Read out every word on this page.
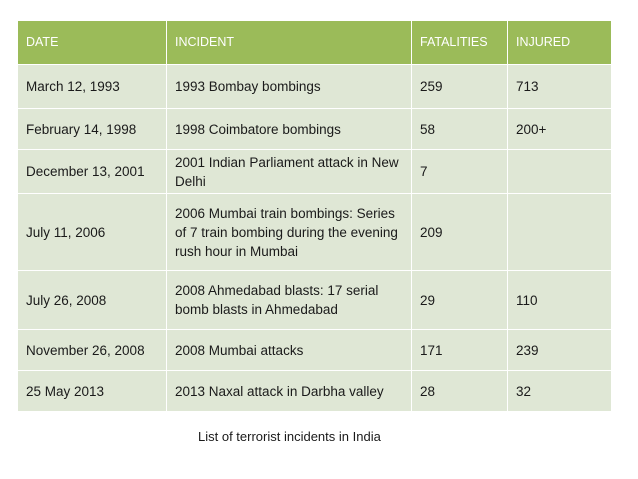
DATE	INCIDENT	FATALITIES	INJURED
March 12, 1993	1993 Bombay bombings	259	713
February 14, 1998	1998 Coimbatore bombings	58	200+
December 13, 2001	2001 Indian Parliament attack in New Delhi	7	
July 11, 2006	2006 Mumbai train bombings: Series of 7 train bombing during the evening rush hour in Mumbai	209	
July 26, 2008	2008 Ahmedabad blasts: 17 serial bomb blasts in Ahmedabad	29	110
November 26, 2008	2008 Mumbai attacks	171	239
25 May 2013	2013 Naxal attack in Darbha valley	28	32
List of terrorist incidents in India
